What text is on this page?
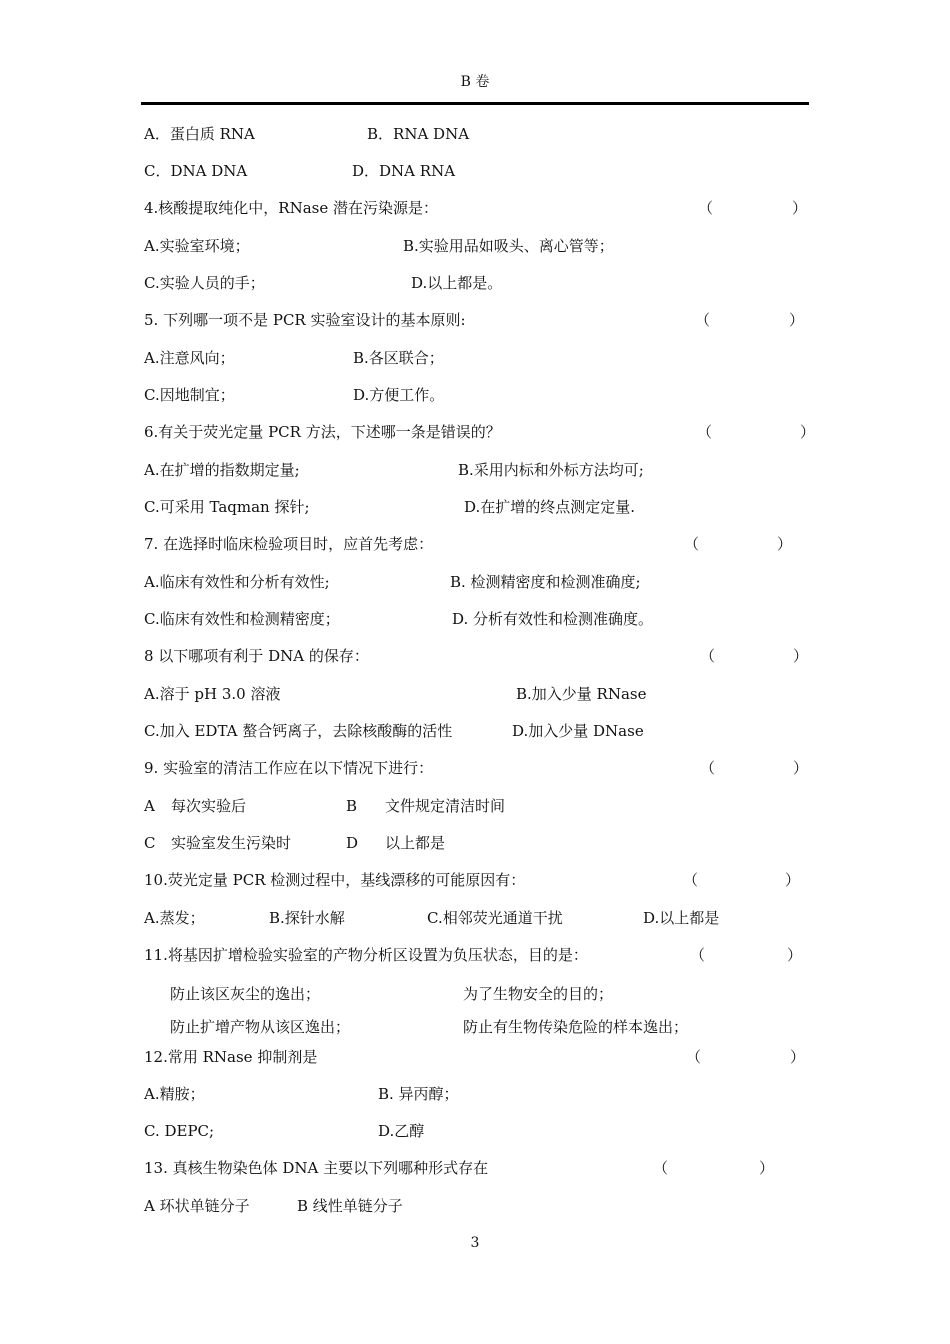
B 卷
A．蛋白质 RNA	B．RNA DNA
C．DNA DNA	D．DNA RNA
4.核酸提取纯化中，RNase 潜在污染源是：	（	）
A.实验室环境；	B.实验用品如吸头、离心管等；
C.实验人员的手；	D.以上都是。
5. 下列哪一项不是 PCR 实验室设计的基本原则:	（	）
A.注意风向；	B.各区联合；
C.因地制宜；	D.方便工作。
6.有关于荧光定量 PCR 方法，下述哪一条是错误的？	（	）
A.在扩增的指数期定量;	B.采用内标和外标方法均可;
C.可采用 Taqman 探针;	D.在扩增的终点测定定量.
7. 在选择时临床检验项目时，应首先考虑：	（	）
A.临床有效性和分析有效性;	B. 检测精密度和检测准确度;
C.临床有效性和检测精密度；	D. 分析有效性和检测准确度。
8 以下哪项有利于 DNA 的保存：	（	）
A.溶于 pH 3.0 溶液	B.加入少量 RNase
C.加入 EDTA 螯合钙离子，去除核酸酶的活性	D.加入少量 DNase
9. 实验室的清洁工作应在以下情况下进行：	（	）
A 每次实验后	B 文件规定清洁时间
C 实验室发生污染时	D 以上都是
10.荧光定量 PCR 检测过程中，基线漂移的可能原因有：	（	）
A.蒸发；	B.探针水解	C.相邻荧光通道干扰	D.以上都是
11.将基因扩增检验实验室的产物分析区设置为负压状态，目的是：	（	）
防止该区灰尘的逸出；	为了生物安全的目的；
防止扩增产物从该区逸出；	防止有生物传染危险的样本逸出；
12.常用 RNase 抑制剂是	（	）
A.精胺；	B. 异丙醇；
C. DEPC;	D.乙醇
13. 真核生物染色体 DNA 主要以下列哪种形式存在	（	）
A 环状单链分子	B 线性单链分子
3
